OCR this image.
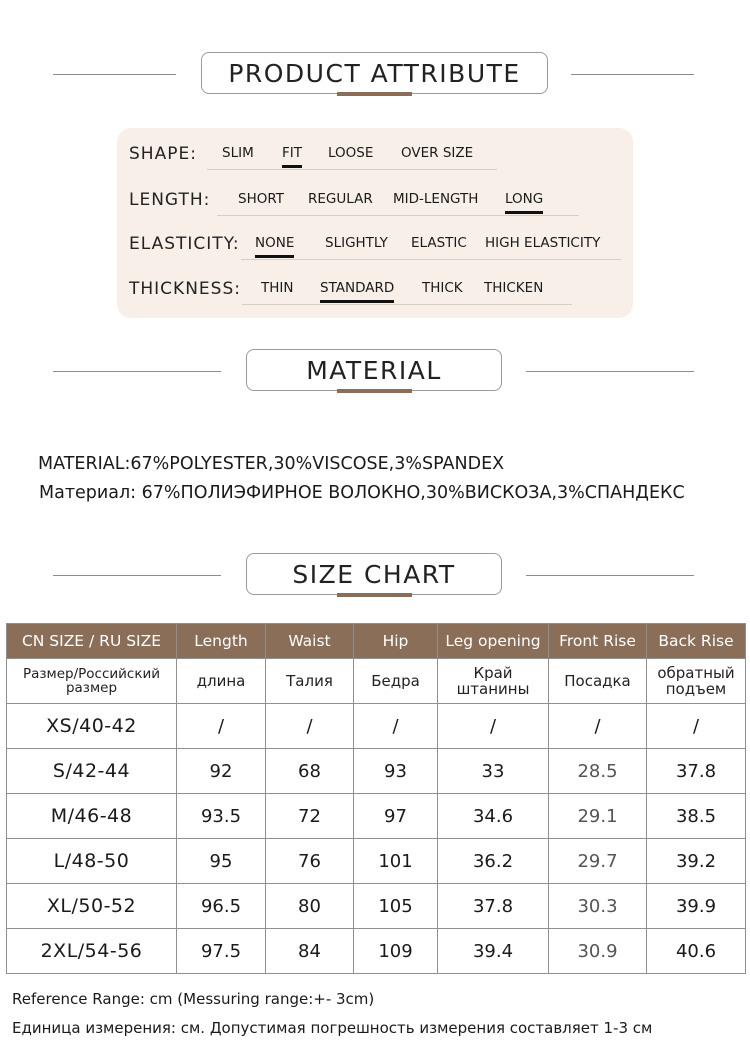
PRODUCT ATTRIBUTE
SHAPE: SLIM FIT LOOSE OVER SIZE
LENGTH: SHORT REGULAR MID-LENGTH LONG
ELASTICITY: NONE SLIGHTLY ELASTIC HIGH ELASTICITY
THICKNESS: THIN STANDARD THICK THICKEN
MATERIAL
MATERIAL:67%POLYESTER,30%VISCOSE,3%SPANDEX
Материал: 67%ПОЛИЭФИРНОЕ ВОЛОКНО,30%ВИСКОЗА,3%СПАНДЕКС
SIZE CHART
CN SIZE / RU SIZE	Length	Waist	Hip	Leg opening	Front Rise	Back Rise
Размер/Российский размер	длина	Талия	Бедра	Край штанины	Посадка	обратный подъем
XS/40-42	/	/	/	/	/	/
S/42-44	92	68	93	33	28.5	37.8
M/46-48	93.5	72	97	34.6	29.1	38.5
L/48-50	95	76	101	36.2	29.7	39.2
XL/50-52	96.5	80	105	37.8	30.3	39.9
2XL/54-56	97.5	84	109	39.4	30.9	40.6
Reference Range: cm (Messuring range:+- 3cm)
Единица измерения: см. Допустимая погрешность измерения составляет 1-3 см
